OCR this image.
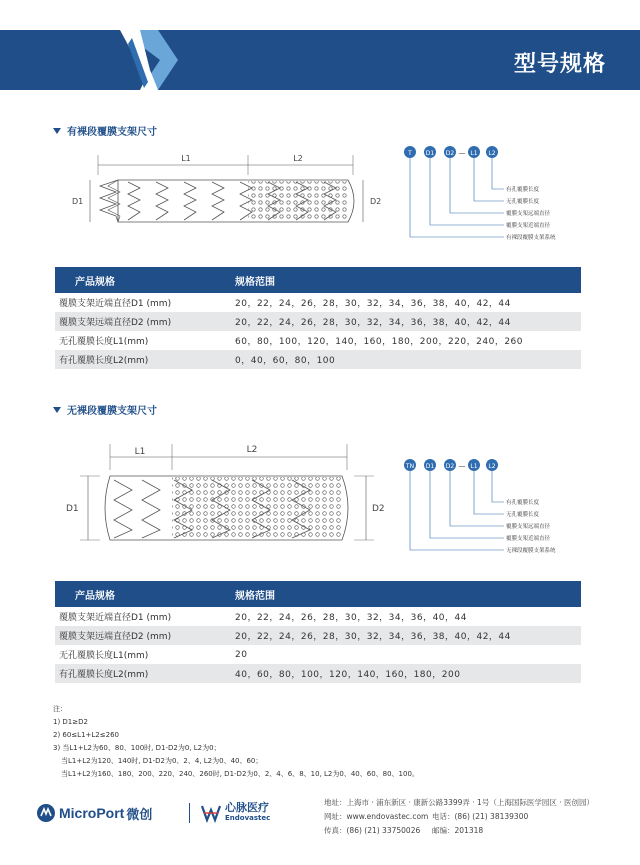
型号规格
有裸段覆膜支架尺寸
L1	L2
D1	D2
T D1 D2 — L1 L2
有孔覆膜长度
无孔覆膜长度
覆膜支架远端直径
覆膜支架近端直径
有裸段覆膜支架系统
产品规格	规格范围
覆膜支架近端直径D1 (mm)	20，22，24，26，28，30，32，34，36，38，40，42，44
覆膜支架远端直径D2 (mm)	20，22，24，26，28，30，32，34，36，38，40，42，44
无孔覆膜长度L1(mm)	60，80，100，120，140，160，180，200，220，240，260
有孔覆膜长度L2(mm)	0，40，60，80，100
无裸段覆膜支架尺寸
L1	L2
D1	D2
TN D1 D2 — L1 L2
有孔覆膜长度
无孔覆膜长度
覆膜支架远端直径
覆膜支架近端直径
无裸段覆膜支架系统
产品规格	规格范围
覆膜支架近端直径D1 (mm)	20，22，24，26，28，30，32，34，36，40，44
覆膜支架远端直径D2 (mm)	20，22，24，26，28，30，32，34，36，38，40，42，44
无孔覆膜长度L1(mm)	20
有孔覆膜长度L2(mm)	40，60，80，100，120，140，160，180，200
注：
1) D1≥D2
2) 60≤L1+L2≤260
3) 当L1+L2为60、80、100时, D1-D2为0, L2为0；
当L1+L2为120、140时, D1-D2为0、2、4, L2为0、40、60；
当L1+L2为160、180、200、220、240、260时, D1-D2为0、2、4、6、8、10, L2为0、40、60、80、100。
MicroPort 微创	心脉医疗
Endovastec
地址：上海市 · 浦东新区 · 康新公路3399弄 · 1号（上海国际医学园区 · 医创园）
网址：www.endovastec.com 电话：(86) (21) 38139300
传真：(86) (21) 33750026 邮编：201318
